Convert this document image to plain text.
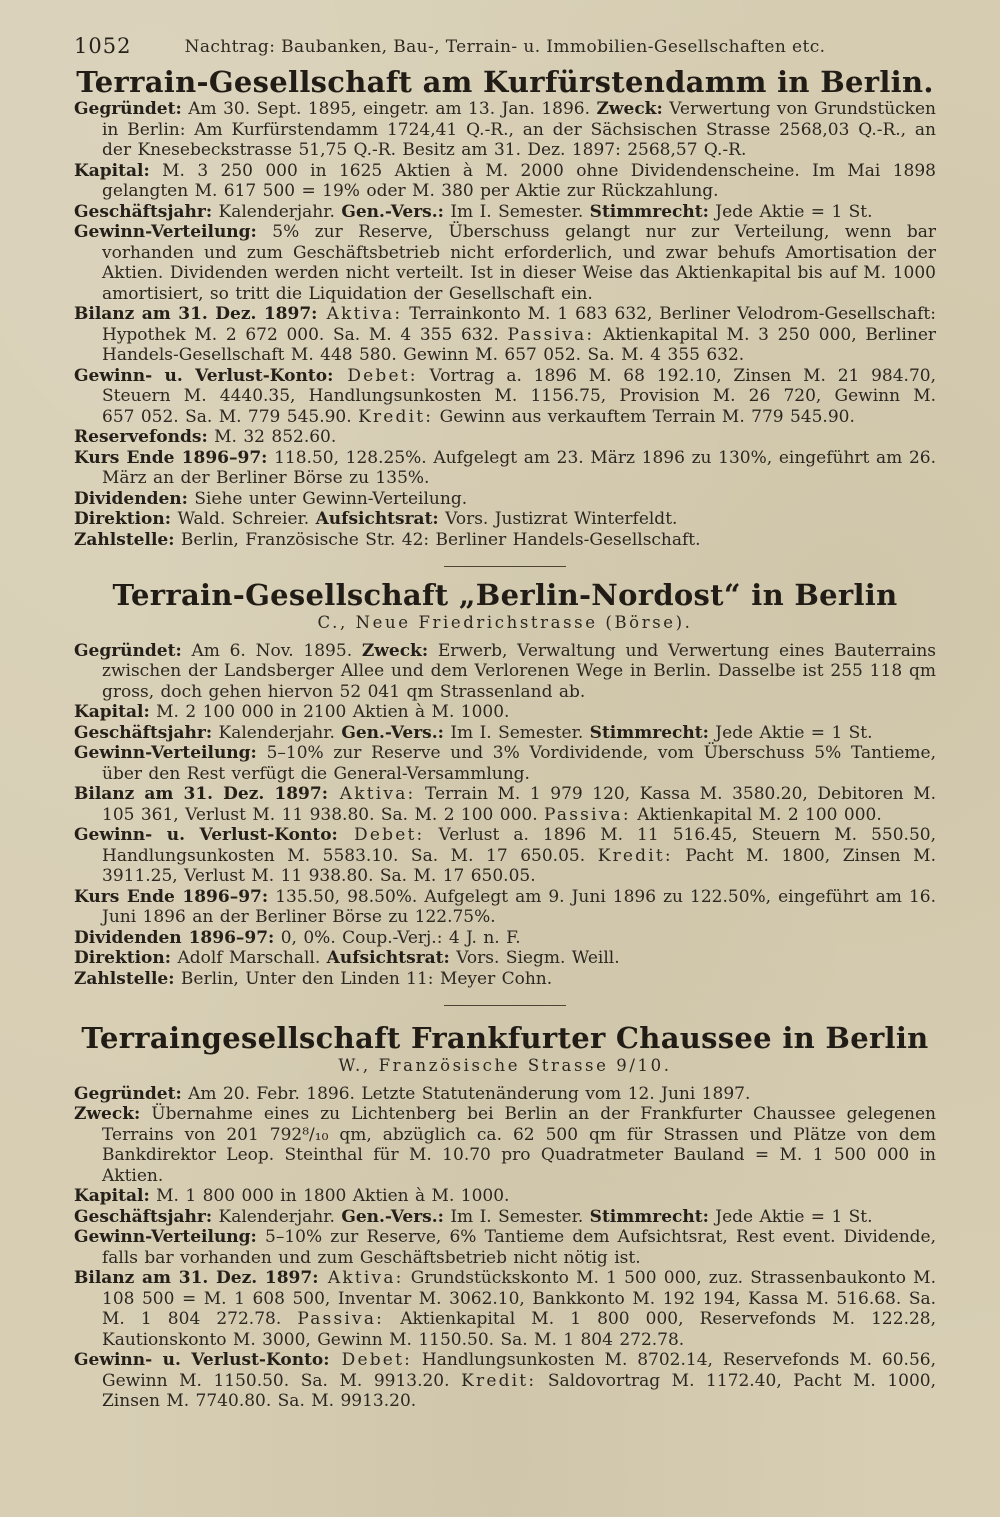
1052	Nachtrag: Baubanken, Bau-, Terrain- u. Immobilien-Gesellschaften etc.
Terrain-Gesellschaft am Kurfürstendamm in Berlin.

Gegründet: Am 30. Sept. 1895, eingetr. am 13. Jan. 1896. Zweck: Verwertung von Grundstücken in Berlin: Am Kurfürstendamm 1724,41 Q.-R., an der Sächsischen Strasse 2568,03 Q.-R., an der Knesebeckstrasse 51,75 Q.-R. Besitz am 31. Dez. 1897: 2568,57 Q.-R.

Kapital: M. 3 250 000 in 1625 Aktien à M. 2000 ohne Dividendenscheine. Im Mai 1898 gelangten M. 617 500 = 19% oder M. 380 per Aktie zur Rückzahlung.

Geschäftsjahr: Kalenderjahr. Gen.-Vers.: Im I. Semester. Stimmrecht: Jede Aktie = 1 St.

Gewinn-Verteilung: 5% zur Reserve, Überschuss gelangt nur zur Verteilung, wenn bar vorhanden und zum Geschäftsbetrieb nicht erforderlich, und zwar behufs Amortisation der Aktien. Dividenden werden nicht verteilt. Ist in dieser Weise das Aktienkapital bis auf M. 1000 amortisiert, so tritt die Liquidation der Gesellschaft ein.

Bilanz am 31. Dez. 1897: Aktiva: Terrainkonto M. 1 683 632, Berliner Velodrom-Gesellschaft: Hypothek M. 2 672 000. Sa. M. 4 355 632. Passiva: Aktienkapital M. 3 250 000, Berliner Handels-Gesellschaft M. 448 580. Gewinn M. 657 052. Sa. M. 4 355 632.

Gewinn- u. Verlust-Konto: Debet: Vortrag a. 1896 M. 68 192.10, Zinsen M. 21 984.70, Steuern M. 4440.35, Handlungsunkosten M. 1156.75, Provision M. 26 720, Gewinn M. 657 052. Sa. M. 779 545.90. Kredit: Gewinn aus verkauftem Terrain M. 779 545.90.

Reservefonds: M. 32 852.60.

Kurs Ende 1896–97: 118.50, 128.25%. Aufgelegt am 23. März 1896 zu 130%, eingeführt am 26. März an der Berliner Börse zu 135%.

Dividenden: Siehe unter Gewinn-Verteilung.

Direktion: Wald. Schreier. Aufsichtsrat: Vors. Justizrat Winterfeldt.

Zahlstelle: Berlin, Französische Str. 42: Berliner Handels-Gesellschaft.

Terrain-Gesellschaft „Berlin-Nordost“ in Berlin
C., Neue Friedrichstrasse (Börse).

Gegründet: Am 6. Nov. 1895. Zweck: Erwerb, Verwaltung und Verwertung eines Bauterrains zwischen der Landsberger Allee und dem Verlorenen Wege in Berlin. Dasselbe ist 255 118 qm gross, doch gehen hiervon 52 041 qm Strassenland ab.

Kapital: M. 2 100 000 in 2100 Aktien à M. 1000.

Geschäftsjahr: Kalenderjahr. Gen.-Vers.: Im I. Semester. Stimmrecht: Jede Aktie = 1 St.

Gewinn-Verteilung: 5–10% zur Reserve und 3% Vordividende, vom Überschuss 5% Tantieme, über den Rest verfügt die General-Versammlung.

Bilanz am 31. Dez. 1897: Aktiva: Terrain M. 1 979 120, Kassa M. 3580.20, Debitoren M. 105 361, Verlust M. 11 938.80. Sa. M. 2 100 000. Passiva: Aktienkapital M. 2 100 000.

Gewinn- u. Verlust-Konto: Debet: Verlust a. 1896 M. 11 516.45, Steuern M. 550.50, Handlungsunkosten M. 5583.10. Sa. M. 17 650.05. Kredit: Pacht M. 1800, Zinsen M. 3911.25, Verlust M. 11 938.80. Sa. M. 17 650.05.

Kurs Ende 1896–97: 135.50, 98.50%. Aufgelegt am 9. Juni 1896 zu 122.50%, eingeführt am 16. Juni 1896 an der Berliner Börse zu 122.75%.

Dividenden 1896–97: 0, 0%. Coup.-Verj.: 4 J. n. F.

Direktion: Adolf Marschall. Aufsichtsrat: Vors. Siegm. Weill.

Zahlstelle: Berlin, Unter den Linden 11: Meyer Cohn.

Terraingesellschaft Frankfurter Chaussee in Berlin
W., Französische Strasse 9/10.

Gegründet: Am 20. Febr. 1896. Letzte Statutenänderung vom 12. Juni 1897.

Zweck: Übernahme eines zu Lichtenberg bei Berlin an der Frankfurter Chaussee gelegenen Terrains von 201 792⁸/₁₀ qm, abzüglich ca. 62 500 qm für Strassen und Plätze von dem Bankdirektor Leop. Steinthal für M. 10.70 pro Quadratmeter Bauland = M. 1 500 000 in Aktien.

Kapital: M. 1 800 000 in 1800 Aktien à M. 1000.

Geschäftsjahr: Kalenderjahr. Gen.-Vers.: Im I. Semester. Stimmrecht: Jede Aktie = 1 St.

Gewinn-Verteilung: 5–10% zur Reserve, 6% Tantieme dem Aufsichtsrat, Rest event. Dividende, falls bar vorhanden und zum Geschäftsbetrieb nicht nötig ist.

Bilanz am 31. Dez. 1897: Aktiva: Grundstückskonto M. 1 500 000, zuz. Strassenbaukonto M. 108 500 = M. 1 608 500, Inventar M. 3062.10, Bankkonto M. 192 194, Kassa M. 516.68. Sa. M. 1 804 272.78. Passiva: Aktienkapital M. 1 800 000, Reservefonds M. 122.28, Kautionskonto M. 3000, Gewinn M. 1150.50. Sa. M. 1 804 272.78.

Gewinn- u. Verlust-Konto: Debet: Handlungsunkosten M. 8702.14, Reservefonds M. 60.56, Gewinn M. 1150.50. Sa. M. 9913.20. Kredit: Saldovortrag M. 1172.40, Pacht M. 1000, Zinsen M. 7740.80. Sa. M. 9913.20.
